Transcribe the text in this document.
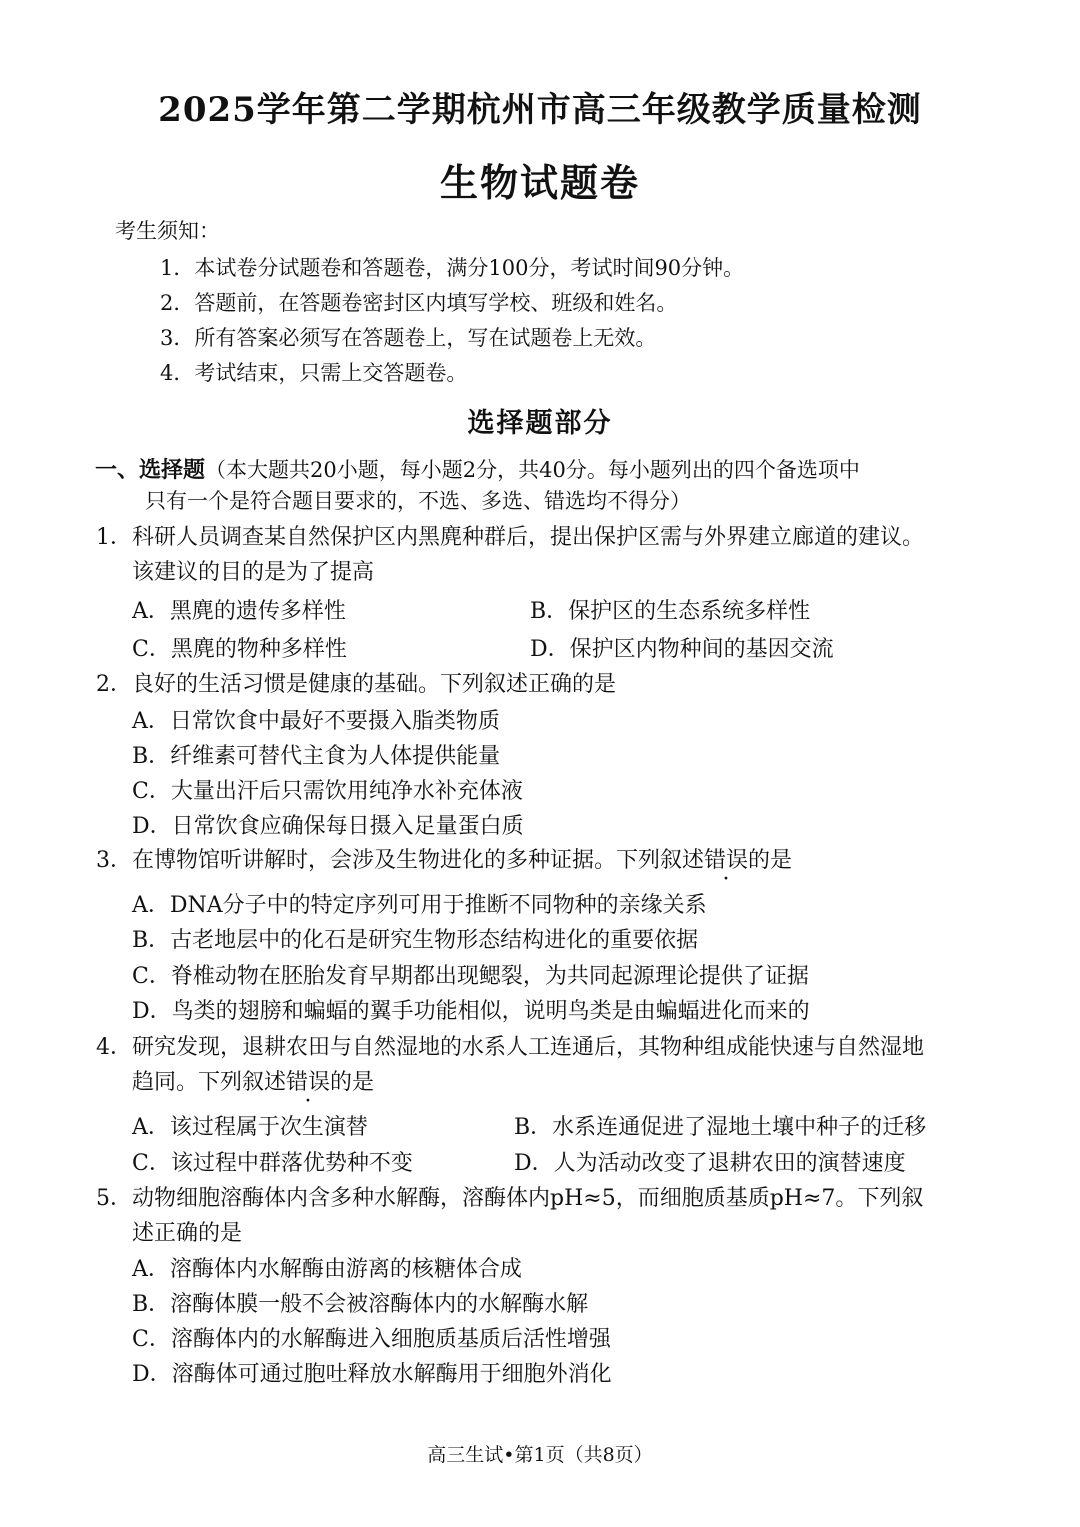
2025学年第二学期杭州市高三年级教学质量检测
生物试题卷
考生须知：
1．本试卷分试题卷和答题卷，满分100分，考试时间90分钟。
2．答题前，在答题卷密封区内填写学校、班级和姓名。
3．所有答案必须写在答题卷上，写在试题卷上无效。
4．考试结束，只需上交答题卷。
选择题部分
一、选择题（本大题共20小题，每小题2分，共40分。每小题列出的四个备选项中
只有一个是符合题目要求的，不选、多选、错选均不得分）
1．科研人员调查某自然保护区内黑麂种群后，提出保护区需与外界建立廊道的建议。
该建议的目的是为了提高
A．黑麂的遗传多样性	B．保护区的生态系统多样性
C．黑麂的物种多样性	D．保护区内物种间的基因交流
2．良好的生活习惯是健康的基础。下列叙述正确的是
A．日常饮食中最好不要摄入脂类物质
B．纤维素可替代主食为人体提供能量
C．大量出汗后只需饮用纯净水补充体液
D．日常饮食应确保每日摄入足量蛋白质
3．在博物馆听讲解时，会涉及生物进化的多种证据。下列叙述错误的是
A．DNA分子中的特定序列可用于推断不同物种的亲缘关系
B．古老地层中的化石是研究生物形态结构进化的重要依据
C．脊椎动物在胚胎发育早期都出现鳃裂，为共同起源理论提供了证据
D．鸟类的翅膀和蝙蝠的翼手功能相似，说明鸟类是由蝙蝠进化而来的
4．研究发现，退耕农田与自然湿地的水系人工连通后，其物种组成能快速与自然湿地
趋同。下列叙述错误的是
A．该过程属于次生演替	B．水系连通促进了湿地土壤中种子的迁移
C．该过程中群落优势种不变	D．人为活动改变了退耕农田的演替速度
5．动物细胞溶酶体内含多种水解酶，溶酶体内pH≈5，而细胞质基质pH≈7。下列叙
述正确的是
A．溶酶体内水解酶由游离的核糖体合成
B．溶酶体膜一般不会被溶酶体内的水解酶水解
C．溶酶体内的水解酶进入细胞质基质后活性增强
D．溶酶体可通过胞吐释放水解酶用于细胞外消化
高三生试•第1页（共8页）
